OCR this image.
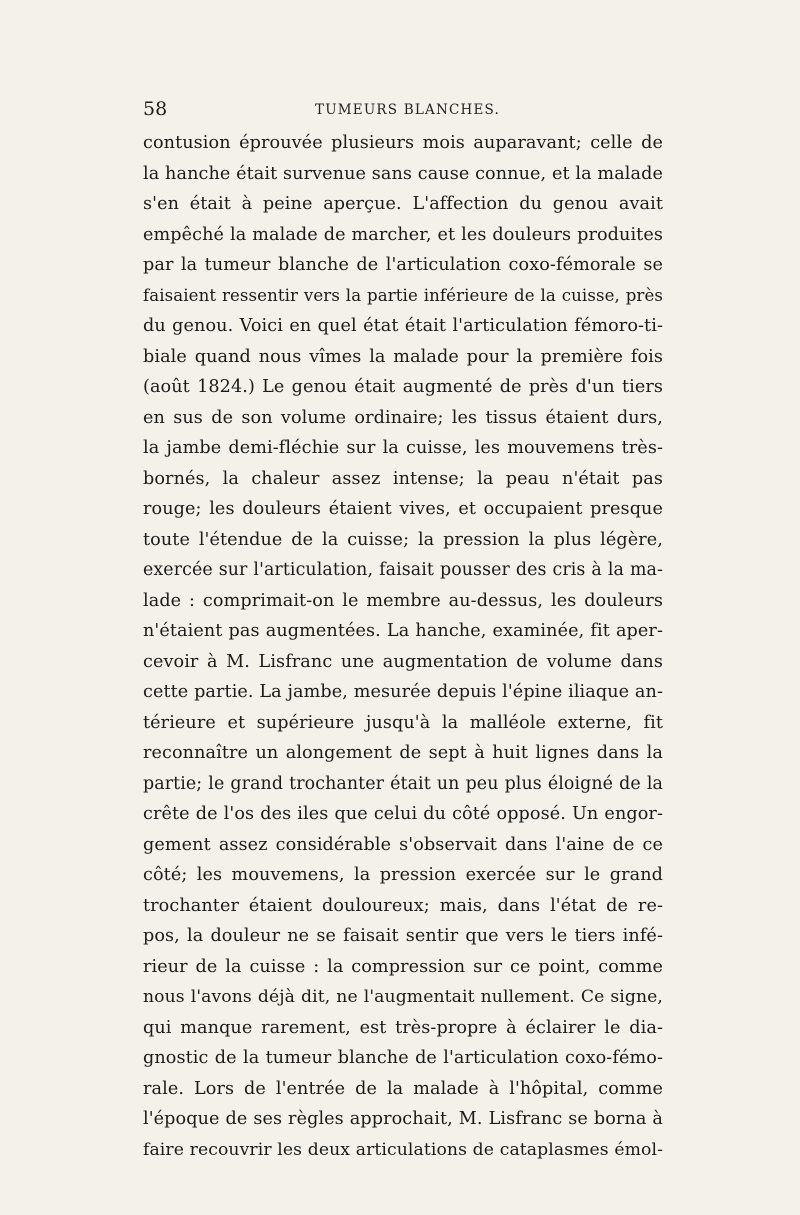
58	TUMEURS BLANCHES.
contusion éprouvée plusieurs mois auparavant; celle de
la hanche était survenue sans cause connue, et la malade
s'en était à peine aperçue. L'affection du genou avait
empêché la malade de marcher, et les douleurs produites
par la tumeur blanche de l'articulation coxo-fémorale se
faisaient ressentir vers la partie inférieure de la cuisse, près
du genou. Voici en quel état était l'articulation fémoro-ti-
biale quand nous vîmes la malade pour la première fois
(août 1824.) Le genou était augmenté de près d'un tiers
en sus de son volume ordinaire; les tissus étaient durs,
la jambe demi-fléchie sur la cuisse, les mouvemens très-
bornés, la chaleur assez intense; la peau n'était pas
rouge; les douleurs étaient vives, et occupaient presque
toute l'étendue de la cuisse; la pression la plus légère,
exercée sur l'articulation, faisait pousser des cris à la ma-
lade : comprimait-on le membre au-dessus, les douleurs
n'étaient pas augmentées. La hanche, examinée, fit aper-
cevoir à M. Lisfranc une augmentation de volume dans
cette partie. La jambe, mesurée depuis l'épine iliaque an-
térieure et supérieure jusqu'à la malléole externe, fit
reconnaître un alongement de sept à huit lignes dans la
partie; le grand trochanter était un peu plus éloigné de la
crête de l'os des iles que celui du côté opposé. Un engor-
gement assez considérable s'observait dans l'aine de ce
côté; les mouvemens, la pression exercée sur le grand
trochanter étaient douloureux; mais, dans l'état de re-
pos, la douleur ne se faisait sentir que vers le tiers infé-
rieur de la cuisse : la compression sur ce point, comme
nous l'avons déjà dit, ne l'augmentait nullement. Ce signe,
qui manque rarement, est très-propre à éclairer le dia-
gnostic de la tumeur blanche de l'articulation coxo-fémo-
rale. Lors de l'entrée de la malade à l'hôpital, comme
l'époque de ses règles approchait, M. Lisfranc se borna à
faire recouvrir les deux articulations de cataplasmes émol-
